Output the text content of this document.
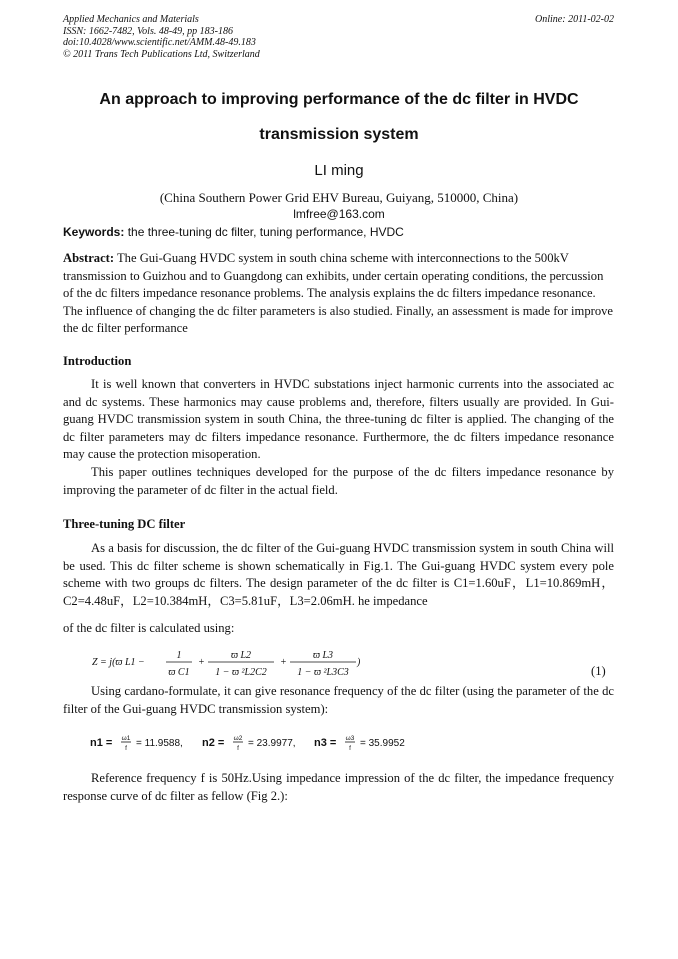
Applied Mechanics and Materials
ISSN: 1662-7482, Vols. 48-49, pp 183-186
doi:10.4028/www.scientific.net/AMM.48-49.183
© 2011 Trans Tech Publications Ltd, Switzerland
Online: 2011-02-02
An approach to improving performance of the dc filter in HVDC
transmission system
LI ming
(China Southern Power Grid EHV Bureau, Guiyang, 510000, China)
lmfree@163.com
Keywords: the three-tuning dc filter, tuning performance, HVDC
Abstract: The Gui-Guang HVDC system in south china scheme with interconnections to the 500kV transmission to Guizhou and to Guangdong can exhibits, under certain operating conditions, the percussion of the dc filters impedance resonance problems. The analysis explains the dc filters impedance resonance. The influence of changing the dc filter parameters is also studied. Finally, an assessment is made for improve the dc filter performance
Introduction
It is well known that converters in HVDC substations inject harmonic currents into the associated ac and dc systems. These harmonics may cause problems and, therefore, filters usually are provided. In Gui-guang HVDC transmission system in south China, the three-tuning dc filter is applied. The changing of the dc filter parameters may dc filters impedance resonance. Furthermore, the dc filters impedance resonance may cause the protection misoperation.
This paper outlines techniques developed for the purpose of the dc filters impedance resonance by improving the parameter of dc filter in the actual field.
Three-tuning DC filter
As a basis for discussion, the dc filter of the Gui-guang HVDC transmission system in south China will be used. This dc filter scheme is shown schematically in Fig.1. The Gui-guang HVDC system every pole scheme with two groups dc filters. The design parameter of the dc filter is C1=1.60uF，L1=10.869mH，C2=4.48uF，L2=10.384mH，C3=5.81uF，L3=2.06mH. he impedance
of the dc filter is calculated using:
Z = j(ϖ L1 −
1
ϖ C1
+
ϖ L2
1 − ϖ ²L2C2
+
ϖ L3
1 − ϖ ²L3C3
)
(1)
Using cardano-formulate, it can give resonance frequency of the dc filter (using the parameter of the dc filter of the Gui-guang HVDC transmission system):
n1 = ω1
f = 11.9588, n2 = ω2
f = 23.9977, n3 = ω3
f = 35.9952
Reference frequency f is 50Hz.Using impedance impression of the dc filter, the impedance frequency response curve of dc filter as fellow (Fig 2.):
